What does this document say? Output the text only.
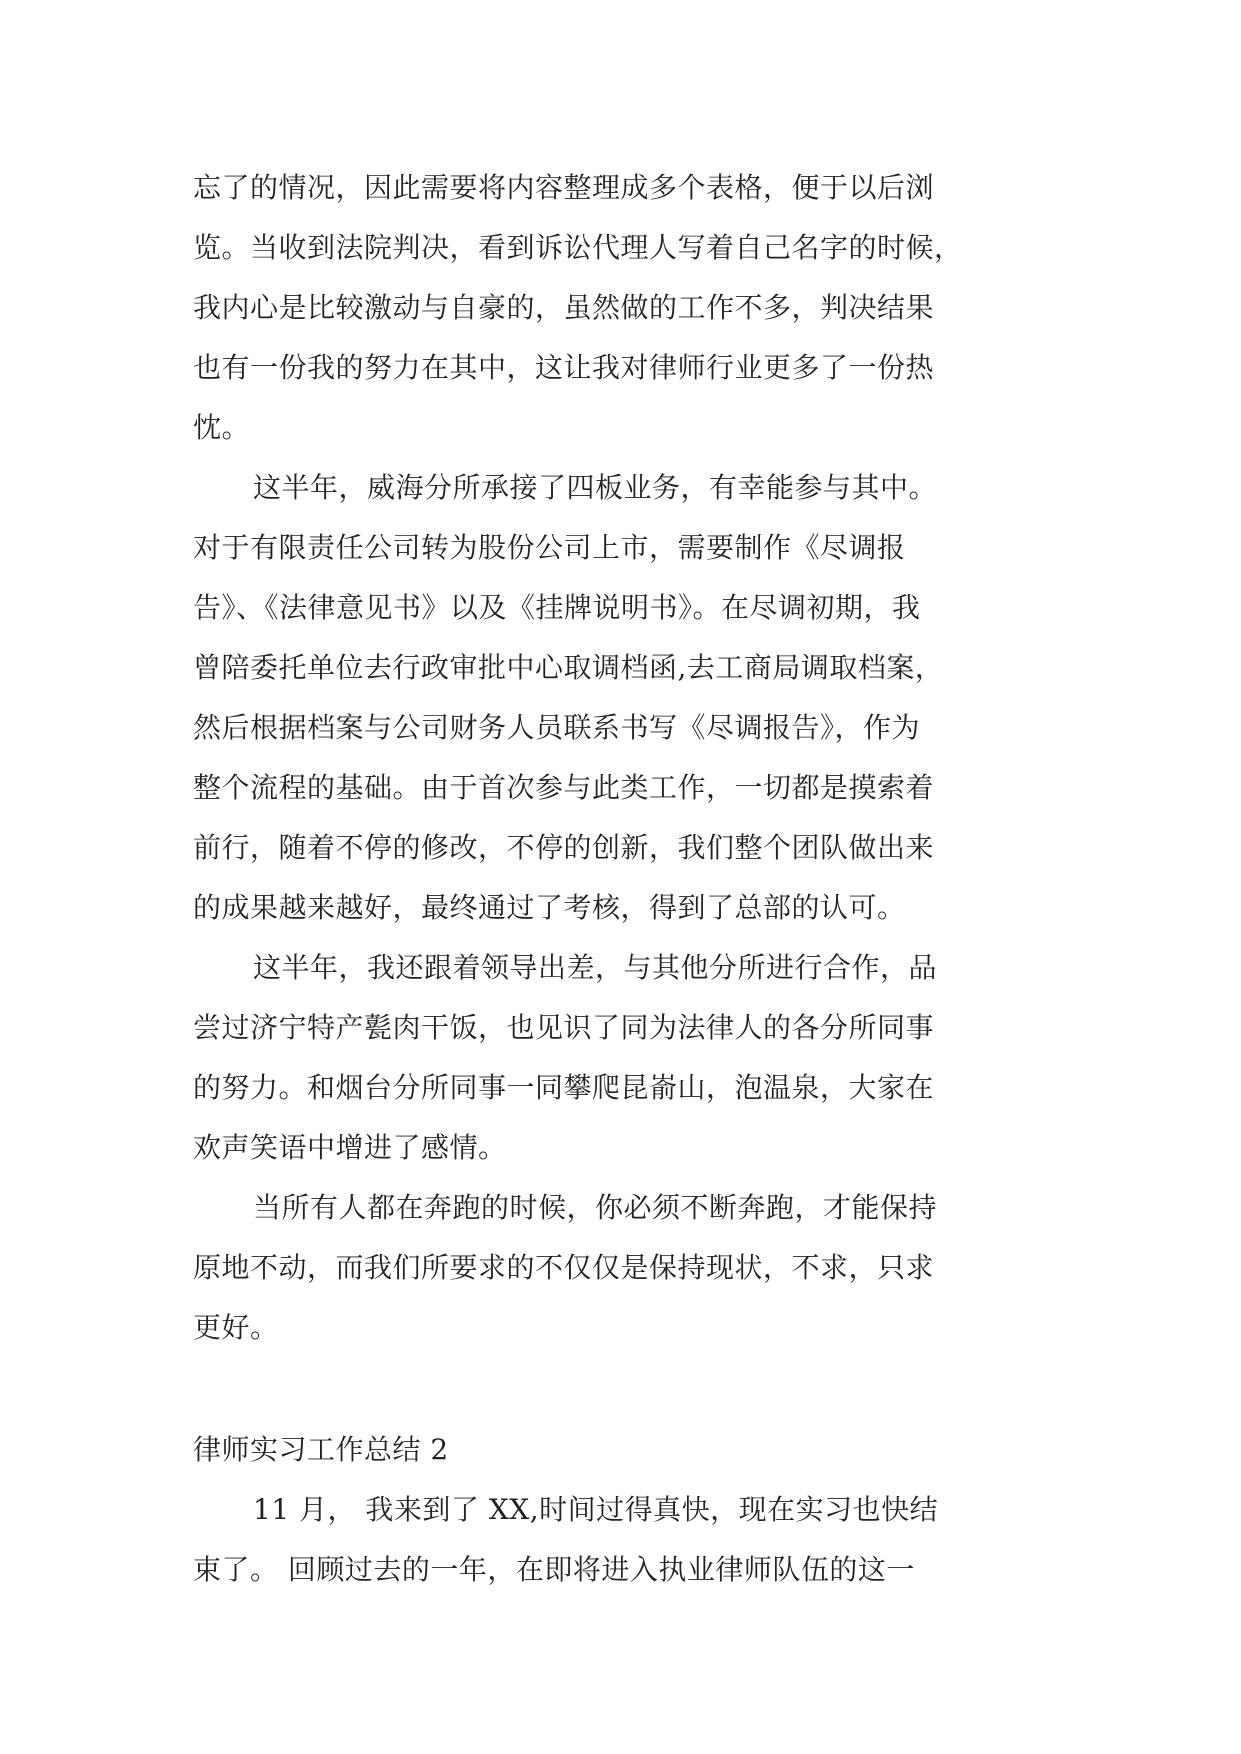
忘了的情况，因此需要将内容整理成多个表格，便于以后浏
览。当收到法院判决，看到诉讼代理人写着自己名字的时候，
我内心是比较激动与自豪的，虽然做的工作不多，判决结果
也有一份我的努力在其中，这让我对律师行业更多了一份热
忱。
这半年，威海分所承接了四板业务，有幸能参与其中。
对于有限责任公司转为股份公司上市，需要制作《尽调报
告》、《法律意见书》以及《挂牌说明书》。在尽调初期，我
曾陪委托单位去行政审批中心取调档函,去工商局调取档案，
然后根据档案与公司财务人员联系书写《尽调报告》，作为
整个流程的基础。由于首次参与此类工作，一切都是摸索着
前行，随着不停的修改，不停的创新，我们整个团队做出来
的成果越来越好，最终通过了考核，得到了总部的认可。
这半年，我还跟着领导出差，与其他分所进行合作，品
尝过济宁特产甏肉干饭，也见识了同为法律人的各分所同事
的努力。和烟台分所同事一同攀爬昆嵛山，泡温泉，大家在
欢声笑语中增进了感情。
当所有人都在奔跑的时候，你必须不断奔跑，才能保持
原地不动，而我们所要求的不仅仅是保持现状，不求，只求
更好。
律师实习工作总结 2
11 月， 我来到了 XX,时间过得真快，现在实习也快结
束了。 回顾过去的一年，在即将进入执业律师队伍的这一
